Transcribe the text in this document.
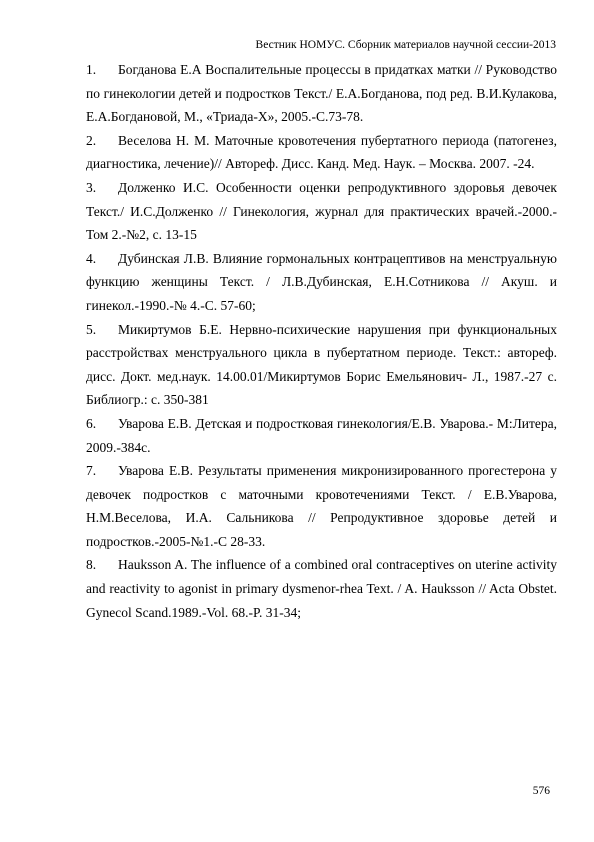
Вестник НОМУС. Сборник материалов научной сессии-2013

1. Богданова Е.А Воспалительные процессы в придатках матки // Руководство по гинекологии детей и подростков Текст./ Е.А.Богданова, под ред. В.И.Кулакова, Е.А.Богдановой, М., «Триада-Х», 2005.-С.73-78.

2. Веселова Н. М. Маточные кровотечения пубертатного периода (патогенез, диагностика, лечение)// Автореф. Дисс. Канд. Мед. Наук. – Москва. 2007. -24.

3. Долженко И.С. Особенности оценки репродуктивного здоровья девочек Текст./ И.С.Долженко // Гинекология, журнал для практических врачей.-2000.-Том 2.-№2, с. 13-15

4. Дубинская Л.В. Влияние гормональных контрацептивов на менструальную функцию женщины Текст. / Л.В.Дубинская, Е.Н.Сотникова // Акуш. и гинекол.-1990.-№ 4.-С. 57-60;

5. Микиртумов Б.Е. Нервно-психические нарушения при функциональных расстройствах менструального цикла в пубертатном периоде. Текст.: автореф. дисс. Докт. мед.наук. 14.00.01/Микиртумов Борис Емельянович- Л., 1987.-27 с. Библиогр.: с. 350-381

6. Уварова Е.В. Детская и подростковая гинекология/Е.В. Уварова.- М:Литера, 2009.-384с.

7. Уварова Е.В. Результаты применения микронизированного прогестерона у девочек подростков с маточными кровотечениями Текст. / Е.В.Уварова, Н.М.Веселова, И.А. Сальникова // Репродуктивное здоровье детей и подростков.-2005-№1.-С 28-33.

8. Hauksson A. The influence of a combined oral contraceptives on uterine activity and reactivity to agonist in primary dysmenor-rhea Text. / A. Hauksson // Acta Obstet. Gynecol Scand.1989.-Vol. 68.-P. 31-34;

576
